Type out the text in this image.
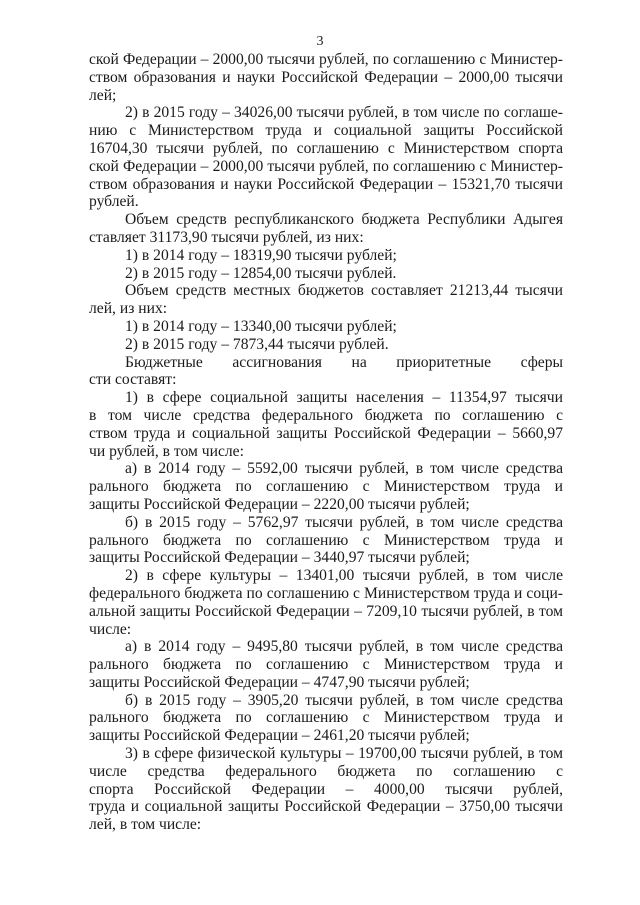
3
ской Федерации – 2000,00 тысячи рублей, по соглашению с Министер-
ством образования и науки Российской Федерации – 2000,00 тысячи
лей;
2) в 2015 году – 34026,00 тысячи рублей, в том числе по соглаше-
нию с Министерством труда и социальной защиты Российской
16704,30 тысячи рублей, по соглашению с Министерством спорта
ской Федерации – 2000,00 тысячи рублей, по соглашению с Министер-
ством образования и науки Российской Федерации – 15321,70 тысячи
рублей.
Объем средств республиканского бюджета Республики Адыгея
ставляет 31173,90 тысячи рублей, из них:
1) в 2014 году – 18319,90 тысячи рублей;
2) в 2015 году – 12854,00 тысячи рублей.
Объем средств местных бюджетов составляет 21213,44 тысячи
лей, из них:
1) в 2014 году – 13340,00 тысячи рублей;
2) в 2015 году – 7873,44 тысячи рублей.
Бюджетные ассигнования на приоритетные сферы
сти составят:
1) в сфере социальной защиты населения – 11354,97 тысячи
в том числе средства федерального бюджета по соглашению с
ством труда и социальной защиты Российской Федерации – 5660,97
чи рублей, в том числе:
а) в 2014 году – 5592,00 тысячи рублей, в том числе средства
рального бюджета по соглашению с Министерством труда и
защиты Российской Федерации – 2220,00 тысячи рублей;
б) в 2015 году – 5762,97 тысячи рублей, в том числе средства
рального бюджета по соглашению с Министерством труда и
защиты Российской Федерации – 3440,97 тысячи рублей;
2) в сфере культуры – 13401,00 тысячи рублей, в том числе
федерального бюджета по соглашению с Министерством труда и соци-
альной защиты Российской Федерации – 7209,10 тысячи рублей, в том
числе:
а) в 2014 году – 9495,80 тысячи рублей, в том числе средства
рального бюджета по соглашению с Министерством труда и
защиты Российской Федерации – 4747,90 тысячи рублей;
б) в 2015 году – 3905,20 тысячи рублей, в том числе средства
рального бюджета по соглашению с Министерством труда и
защиты Российской Федерации – 2461,20 тысячи рублей;
3) в сфере физической культуры – 19700,00 тысячи рублей, в том
числе средства федерального бюджета по соглашению с
спорта Российской Федерации – 4000,00 тысячи рублей,
труда и социальной защиты Российской Федерации – 3750,00 тысячи
лей, в том числе:
